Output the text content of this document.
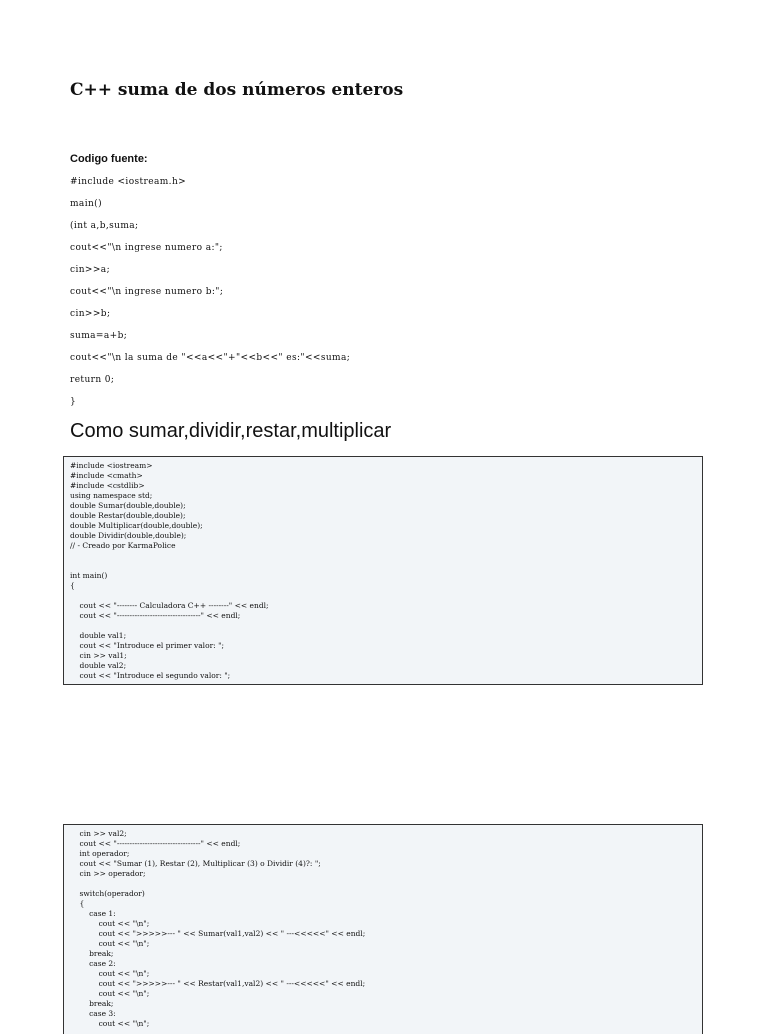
C++ suma de dos números enteros
Codigo fuente:
#include <iostream.h>
main()
(int a,b,suma;
cout<<"\n ingrese numero a:";
cin>>a;
cout<<"\n ingrese numero b:";
cin>>b;
suma=a+b;
cout<<"\n la suma de "<<a<<"+"<<b<<" es:"<<suma;
return 0;
}
Como sumar,dividir,restar,multiplicar
#include <iostream>
#include <cmath>
#include <cstdlib>
using namespace std;
double Sumar(double,double);
double Restar(double,double);
double Multiplicar(double,double);
double Dividir(double,double);
// - Creado por KarmaPolice

int main()
{

cout << "-------- Calculadora C++ --------" << endl;
cout << "---------------------------------" << endl;

double val1;
cout << "Introduce el primer valor: ";
cin >> val1;
double val2;
cout << "Introduce el segundo valor: ";
cin >> val2;
cout << "---------------------------------" << endl;
int operador;
cout << "Sumar (1), Restar (2), Multiplicar (3) o Dividir (4)?: ";
cin >> operador;

switch(operador)
{
case 1:
cout << "\n";
cout << ">>>>>--- " << Sumar(val1,val2) << " ---<<<<<" << endl;
cout << "\n";
break;
case 2:
cout << "\n";
cout << ">>>>>--- " << Restar(val1,val2) << " ---<<<<<" << endl;
cout << "\n";
break;
case 3:
cout << "\n";
